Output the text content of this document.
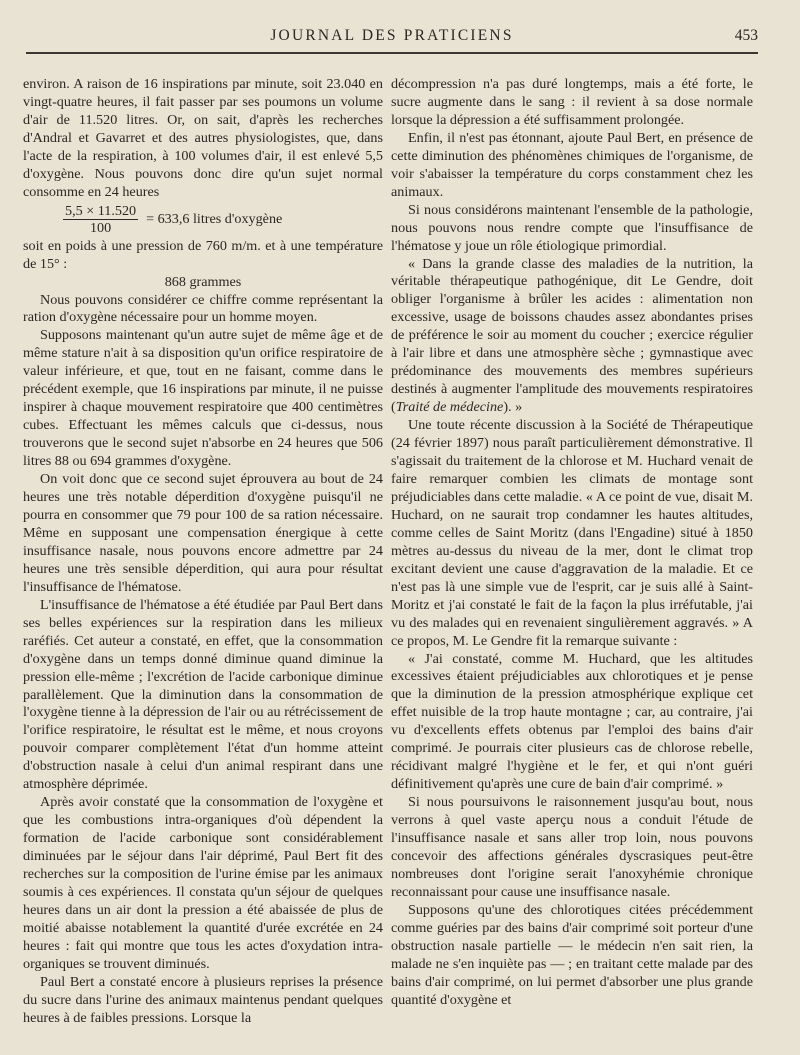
JOURNAL DES PRATICIENS	453

environ. A raison de 16 inspirations par minute, soit 23.040 en vingt-quatre heures, il fait passer par ses poumons un volume d'air de 11.520 litres. Or, on sait, d'après les recherches d'Andral et Gavarret et des autres physiologistes, que, dans l'acte de la respiration, à 100 volumes d'air, il est enlevé 5,5 d'oxygène. Nous pouvons donc dire qu'un sujet normal consomme en 24 heures

$\frac{5,5 \times 11.520}{100} = 633,6$ litres d'oxygène

soit en poids à une pression de 760 m/m. et à une température de 15° :

868 grammes

Nous pouvons considérer ce chiffre comme représentant la ration d'oxygène nécessaire pour un homme moyen.

Supposons maintenant qu'un autre sujet de même âge et de même stature n'ait à sa disposition qu'un orifice respiratoire de valeur inférieure, et que, tout en ne faisant, comme dans le précédent exemple, que 16 inspirations par minute, il ne puisse inspirer à chaque mouvement respiratoire que 400 centimètres cubes. Effectuant les mêmes calculs que ci-dessus, nous trouverons que le second sujet n'absorbe en 24 heures que 506 litres 88 ou 694 grammes d'oxygène.

On voit donc que ce second sujet éprouvera au bout de 24 heures une très notable déperdition d'oxygène puisqu'il ne pourra en consommer que 79 pour 100 de sa ration nécessaire. Même en supposant une compensation énergique à cette insuffisance nasale, nous pouvons encore admettre par 24 heures une très sensible déperdition, qui aura pour résultat l'insuffisance de l'hématose.

L'insuffisance de l'hématose a été étudiée par Paul Bert dans ses belles expériences sur la respiration dans les milieux raréfiés. Cet auteur a constaté, en effet, que la consommation d'oxygène dans un temps donné diminue quand diminue la pression elle-même ; l'excrétion de l'acide carbonique diminue parallèlement. Que la diminution dans la consommation de l'oxygène tienne à la dépression de l'air ou au rétrécissement de l'orifice respiratoire, le résultat est le même, et nous croyons pouvoir comparer complètement l'état d'un homme atteint d'obstruction nasale à celui d'un animal respirant dans une atmosphère déprimée.

Après avoir constaté que la consommation de l'oxygène et que les combustions intra-organiques d'où dépendent la formation de l'acide carbonique sont considérablement diminuées par le séjour dans l'air déprimé, Paul Bert fit des recherches sur la composition de l'urine émise par les animaux soumis à ces expériences. Il constata qu'un séjour de quelques heures dans un air dont la pression a été abaissée de plus de moitié abaisse notablement la quantité d'urée excrétée en 24 heures : fait qui montre que tous les actes d'oxydation intra-organiques se trouvent diminués.

Paul Bert a constaté encore à plusieurs reprises la présence du sucre dans l'urine des animaux maintenus pendant quelques heures à de faibles pressions. Lorsque la

décompression n'a pas duré longtemps, mais a été forte, le sucre augmente dans le sang : il revient à sa dose normale lorsque la dépression a été suffisamment prolongée.

Enfin, il n'est pas étonnant, ajoute Paul Bert, en présence de cette diminution des phénomènes chimiques de l'organisme, de voir s'abaisser la température du corps constamment chez les animaux.

Si nous considérons maintenant l'ensemble de la pathologie, nous pouvons nous rendre compte que l'insuffisance de l'hématose y joue un rôle étiologique primordial.

« Dans la grande classe des maladies de la nutrition, la véritable thérapeutique pathogénique, dit Le Gendre, doit obliger l'organisme à brûler les acides : alimentation non excessive, usage de boissons chaudes assez abondantes prises de préférence le soir au moment du coucher ; exercice régulier à l'air libre et dans une atmosphère sèche ; gymnastique avec prédominance des mouvements des membres supérieurs destinés à augmenter l'amplitude des mouvements respiratoires (Traité de médecine). »

Une toute récente discussion à la Société de Thérapeutique (24 février 1897) nous paraît particulièrement démonstrative. Il s'agissait du traitement de la chlorose et M. Huchard venait de faire remarquer combien les climats de montage sont préjudiciables dans cette maladie. « A ce point de vue, disait M. Huchard, on ne saurait trop condamner les hautes altitudes, comme celles de Saint Moritz (dans l'Engadine) situé à 1850 mètres au-dessus du niveau de la mer, dont le climat trop excitant devient une cause d'aggravation de la maladie. Et ce n'est pas là une simple vue de l'esprit, car je suis allé à Saint-Moritz et j'ai constaté le fait de la façon la plus irréfutable, j'ai vu des malades qui en revenaient singulièrement aggravés. » A ce propos, M. Le Gendre fit la remarque suivante :

« J'ai constaté, comme M. Huchard, que les altitudes excessives étaient préjudiciables aux chlorotiques et je pense que la diminution de la pression atmosphérique explique cet effet nuisible de la trop haute montagne ; car, au contraire, j'ai vu d'excellents effets obtenus par l'emploi des bains d'air comprimé. Je pourrais citer plusieurs cas de chlorose rebelle, récidivant malgré l'hygiène et le fer, et qui n'ont guéri définitivement qu'après une cure de bain d'air comprimé. »

Si nous poursuivons le raisonnement jusqu'au bout, nous verrons à quel vaste aperçu nous a conduit l'étude de l'insuffisance nasale et sans aller trop loin, nous pouvons concevoir des affections générales dyscrasiques peut-être nombreuses dont l'origine serait l'anoxyhémie chronique reconnaissant pour cause une insuffisance nasale.

Supposons qu'une des chlorotiques citées précédemment comme guéries par des bains d'air comprimé soit porteur d'une obstruction nasale partielle — le médecin n'en sait rien, la malade ne s'en inquiète pas — ; en traitant cette malade par des bains d'air comprimé, on lui permet d'absorber une plus grande quantité d'oxygène et
